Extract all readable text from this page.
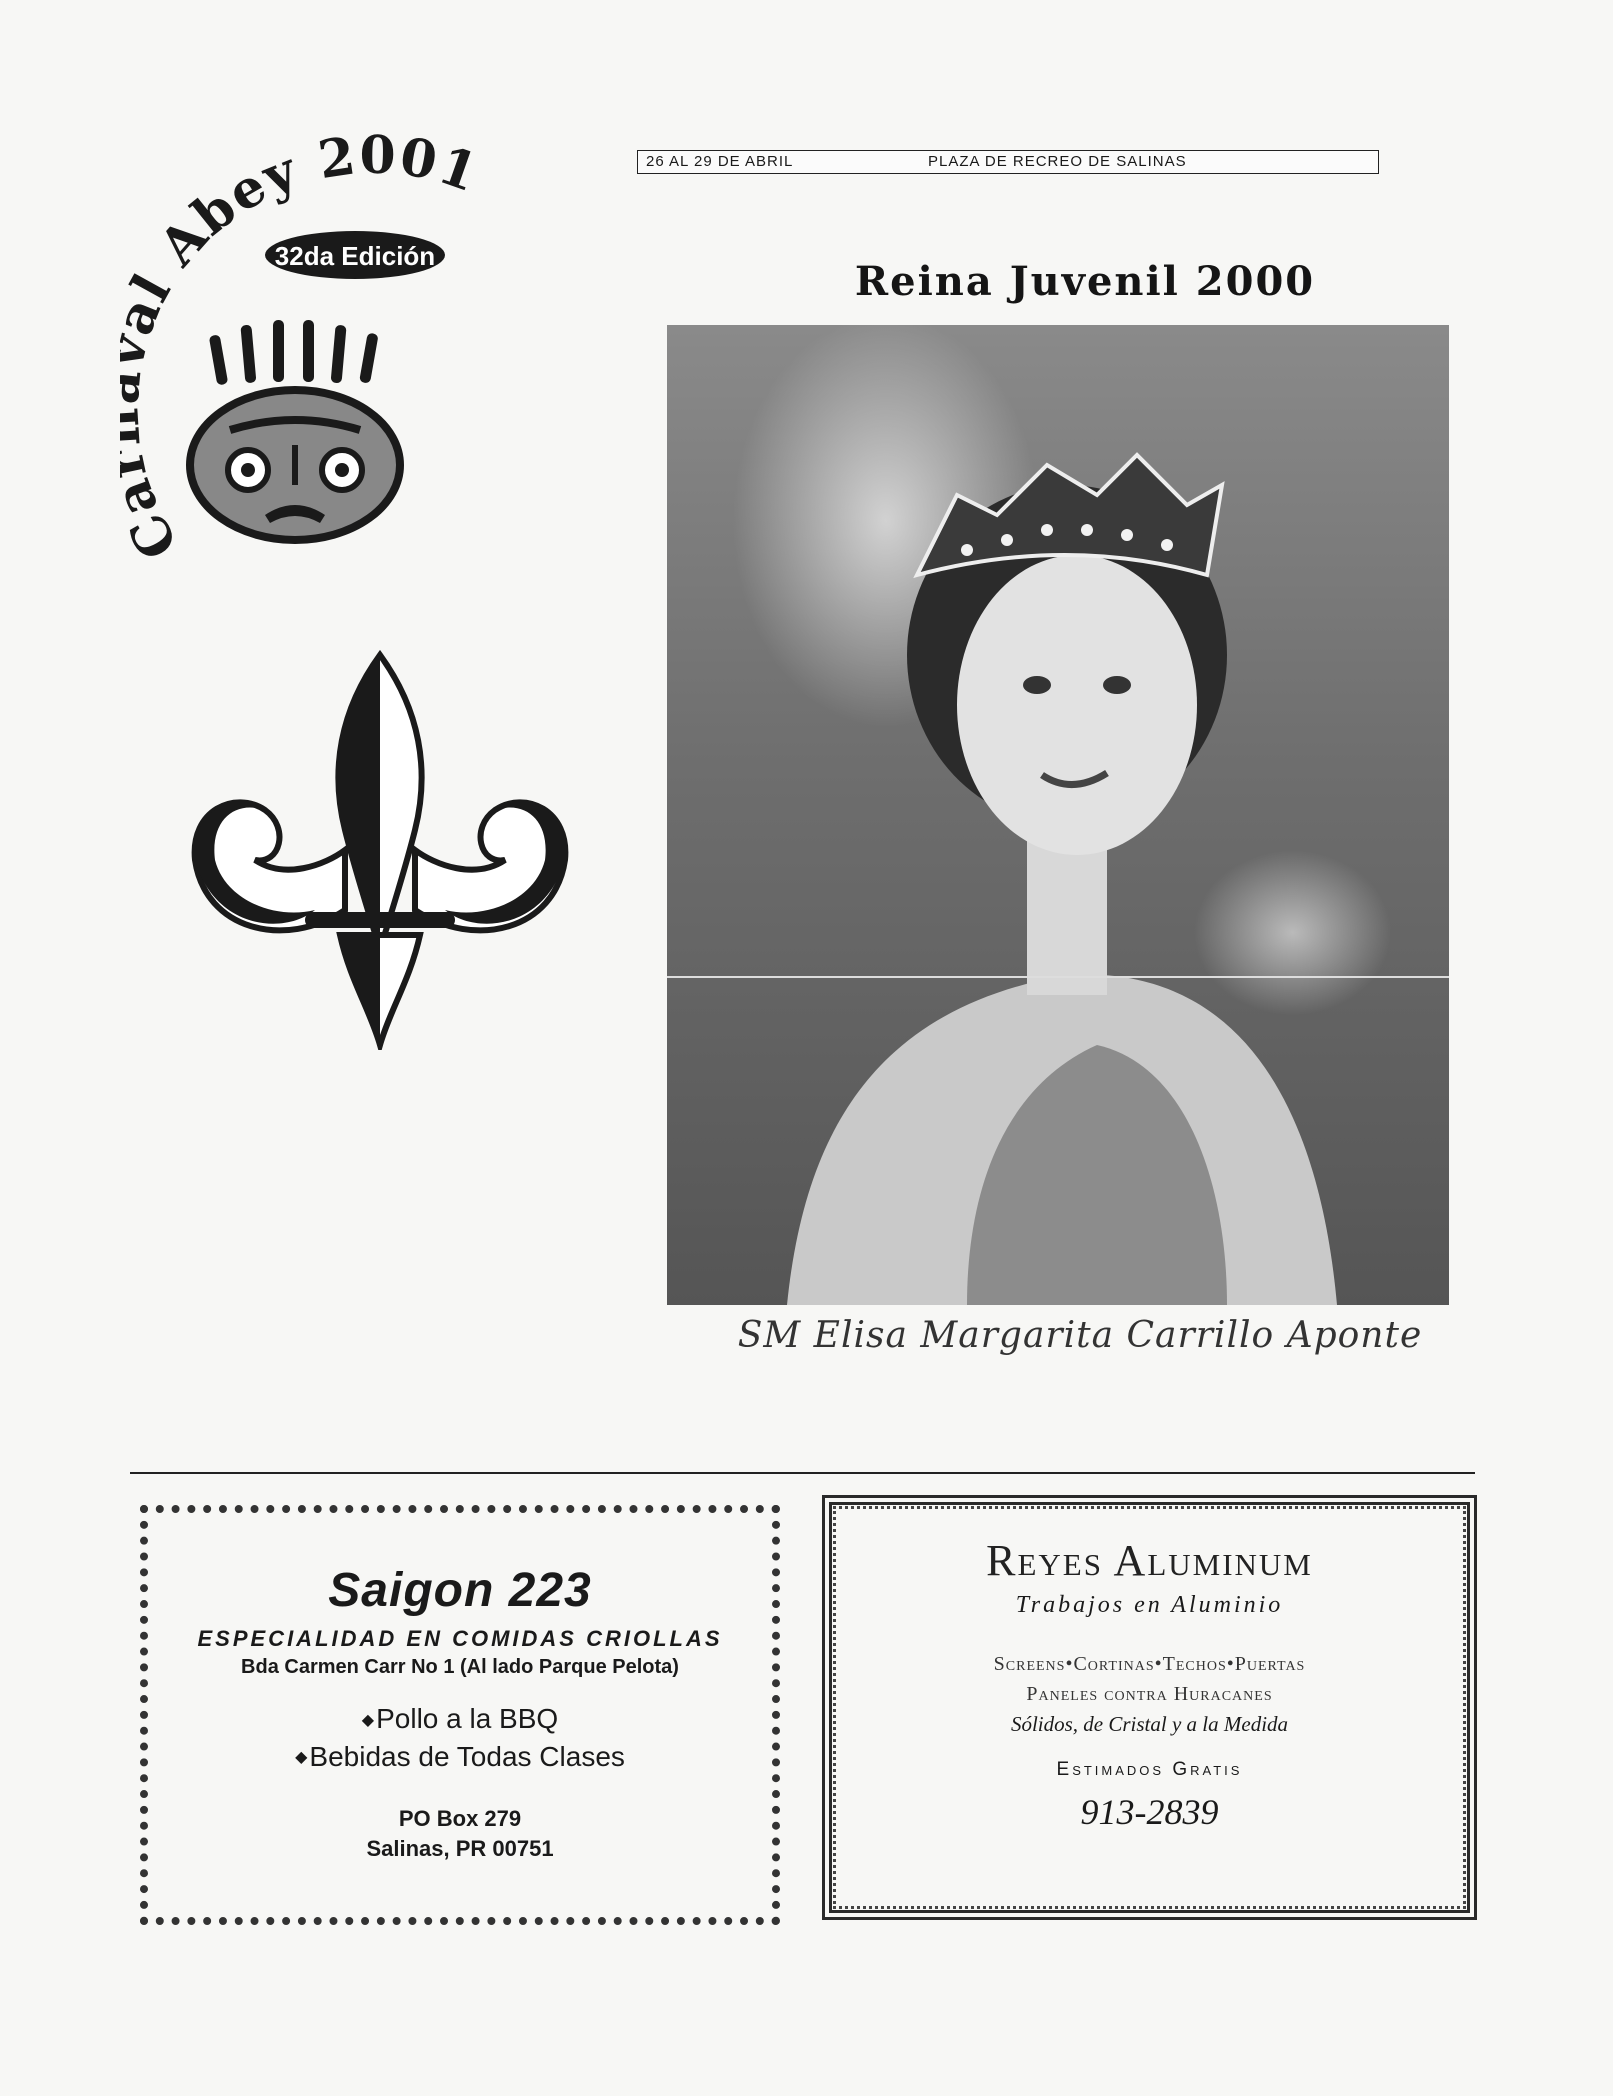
C l Abey 2001
32da Edición
26 AL 29 DE ABRIL	PLAZA DE RECREO DE SALINAS
Reina Juvenil 2000
SM Elisa Margarita Carrillo Aponte
Saigon 223
ESPECIALIDAD EN COMIDAS CRIOLLAS
Bda Carmen Carr No 1 (Al lado Parque Pelota)
◆Pollo a la BBQ
◆Bebidas de Todas Clases
PO Box 279
Salinas, PR 00751
Reyes Aluminum
Trabajos en Aluminio
Screens•Cortinas•Techos•Puertas
Paneles contra Huracanes
Sólidos, de Cristal y a la Medida
Estimados Gratis
913-2839
